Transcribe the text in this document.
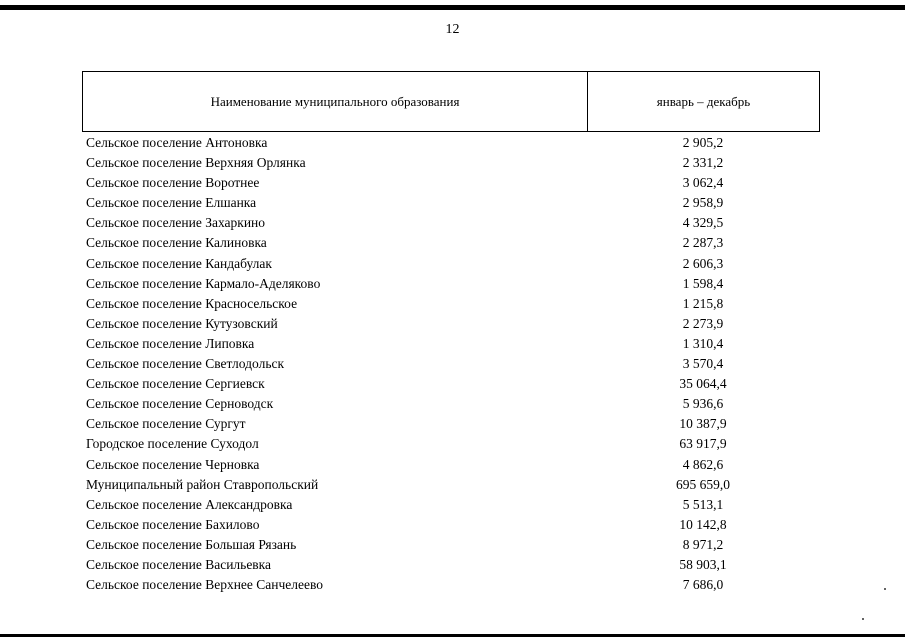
12
Наименование муниципального образования	январь – декабрь
Сельское поселение Антоновка	2 905,2
Сельское поселение Верхняя Орлянка	2 331,2
Сельское поселение Воротнее	3 062,4
Сельское поселение Елшанка	2 958,9
Сельское поселение Захаркино	4 329,5
Сельское поселение Калиновка	2 287,3
Сельское поселение Кандабулак	2 606,3
Сельское поселение Кармало-Аделяково	1 598,4
Сельское поселение Красносельское	1 215,8
Сельское поселение Кутузовский	2 273,9
Сельское поселение Липовка	1 310,4
Сельское поселение Светлодольск	3 570,4
Сельское поселение Сергиевск	35 064,4
Сельское поселение Серноводск	5 936,6
Сельское поселение Сургут	10 387,9
Городское поселение Суходол	63 917,9
Сельское поселение Черновка	4 862,6
Муниципальный район Ставропольский	695 659,0
Сельское поселение Александровка	5 513,1
Сельское поселение Бахилово	10 142,8
Сельское поселение Большая Рязань	8 971,2
Сельское поселение Васильевка	58 903,1
Сельское поселение Верхнее Санчелеево	7 686,0
